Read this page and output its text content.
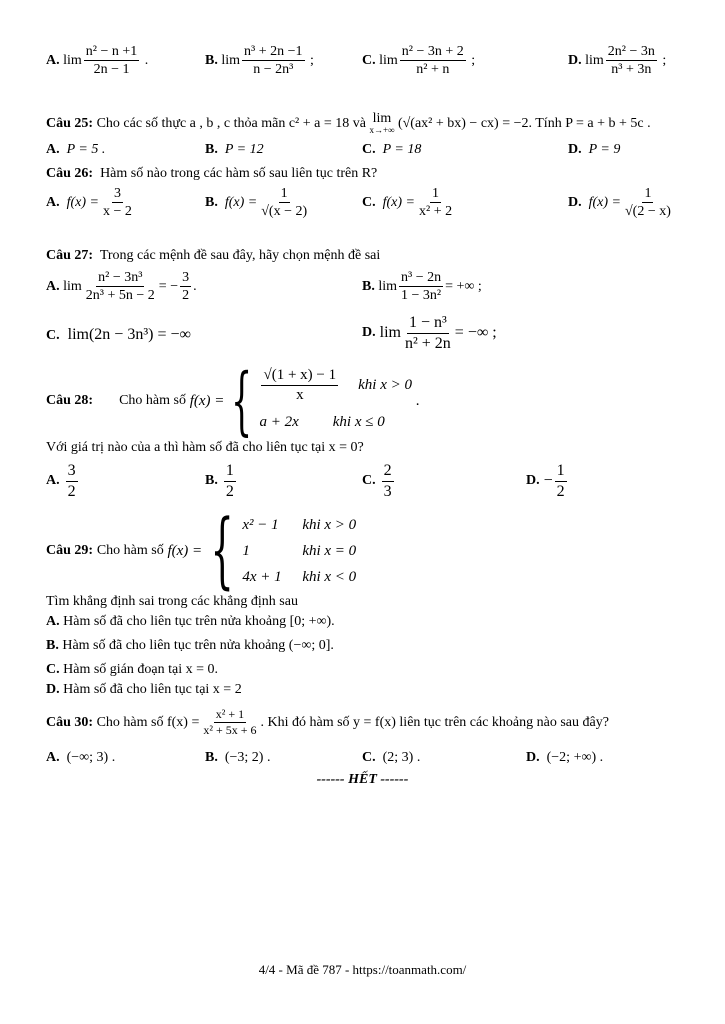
A.
$\lim \frac{\text{n² − n +1}}{2n - 1}$
.	B.
$\lim \frac{\text{n³ + 2n −1}}{\text{n − 2n³}}$
;	C.
$\lim \frac{\text{n² − 3n + 2}}{\text{n² + n}}$
;	D.
$\lim \frac{\text{2n² − 3n}}{\text{n³ + 3n}}$
;
Câu 25:
Cho các số thực a , b , c thỏa mãn c² + a = 18 và
lim
x→+∞
(√(ax² + bx) − cx) = −2 . Tính P = a + b + 5c .
A. P = 5 .	B. P = 12	C. P = 18	D. P = 9
Câu 26: Hàm số nào trong các hàm số sau liên tục trên R?
A.
$f(x) = \frac{3}{x - 2}$	B.
$f(x) = \frac{1}{√(x - 2)}$	C.
$f(x) = \frac{1}{\text{x² + 2}}$	D.
$f(x) = \frac{1}{√(2 - x)}$
Câu 27: Trong các mệnh đề sau đây, hãy chọn mệnh đề sai
A.
$\lim \frac{\text{n² − 3n³}}{\text{2n³ + 5n − 2}}$ = − $\frac{3}{2}$ .	B.
$\lim \frac{\text{n³ − 2n}}{\text{1 − 3n²}}$ = +∞ ;
C. lim(2n − 3n³) = −∞	D.
$\lim \frac{\text{1 − n³}}{\text{n² + 2n}}$ = −∞ ;
Câu 28: Cho hàm số
f(x) = { $\frac{√(1 + x) - 1}{x}$ khi x > 0
a + 2x khi x ≤ 0
.
Với giá trị nào của a thì hàm số đã cho liên tục tại x = 0?
A.
$\frac{3}{2}$	B.
$\frac{1}{2}$	C.
$\frac{2}{3}$	D.
− $\frac{1}{2}$
Câu 29:
Cho hàm số
f(x) = { x² − 1	khi x > 0
1	khi x = 0
4x + 1	khi x < 0
Tìm khẳng định sai trong các khẳng định sau
A. Hàm số đã cho liên tục trên nửa khoảng [0; +∞).
B. Hàm số đã cho liên tục trên nửa khoảng (−∞; 0].
C. Hàm số gián đoạn tại x = 0.
D. Hàm số đã cho liên tục tại x = 2
Câu 30:
Cho hàm số $f(x) = \frac{\text{x² + 1}}{\text{x² + 5x + 6}}$ . Khi đó hàm số y = f(x) liên tục trên các khoảng nào sau đây?
A. (−∞; 3) .	B. (−3; 2) .	C. (2; 3) .	D. (−2; +∞) .
------ HẾT ------
4/4 - Mã đề 787 - https://toanmath.com/
